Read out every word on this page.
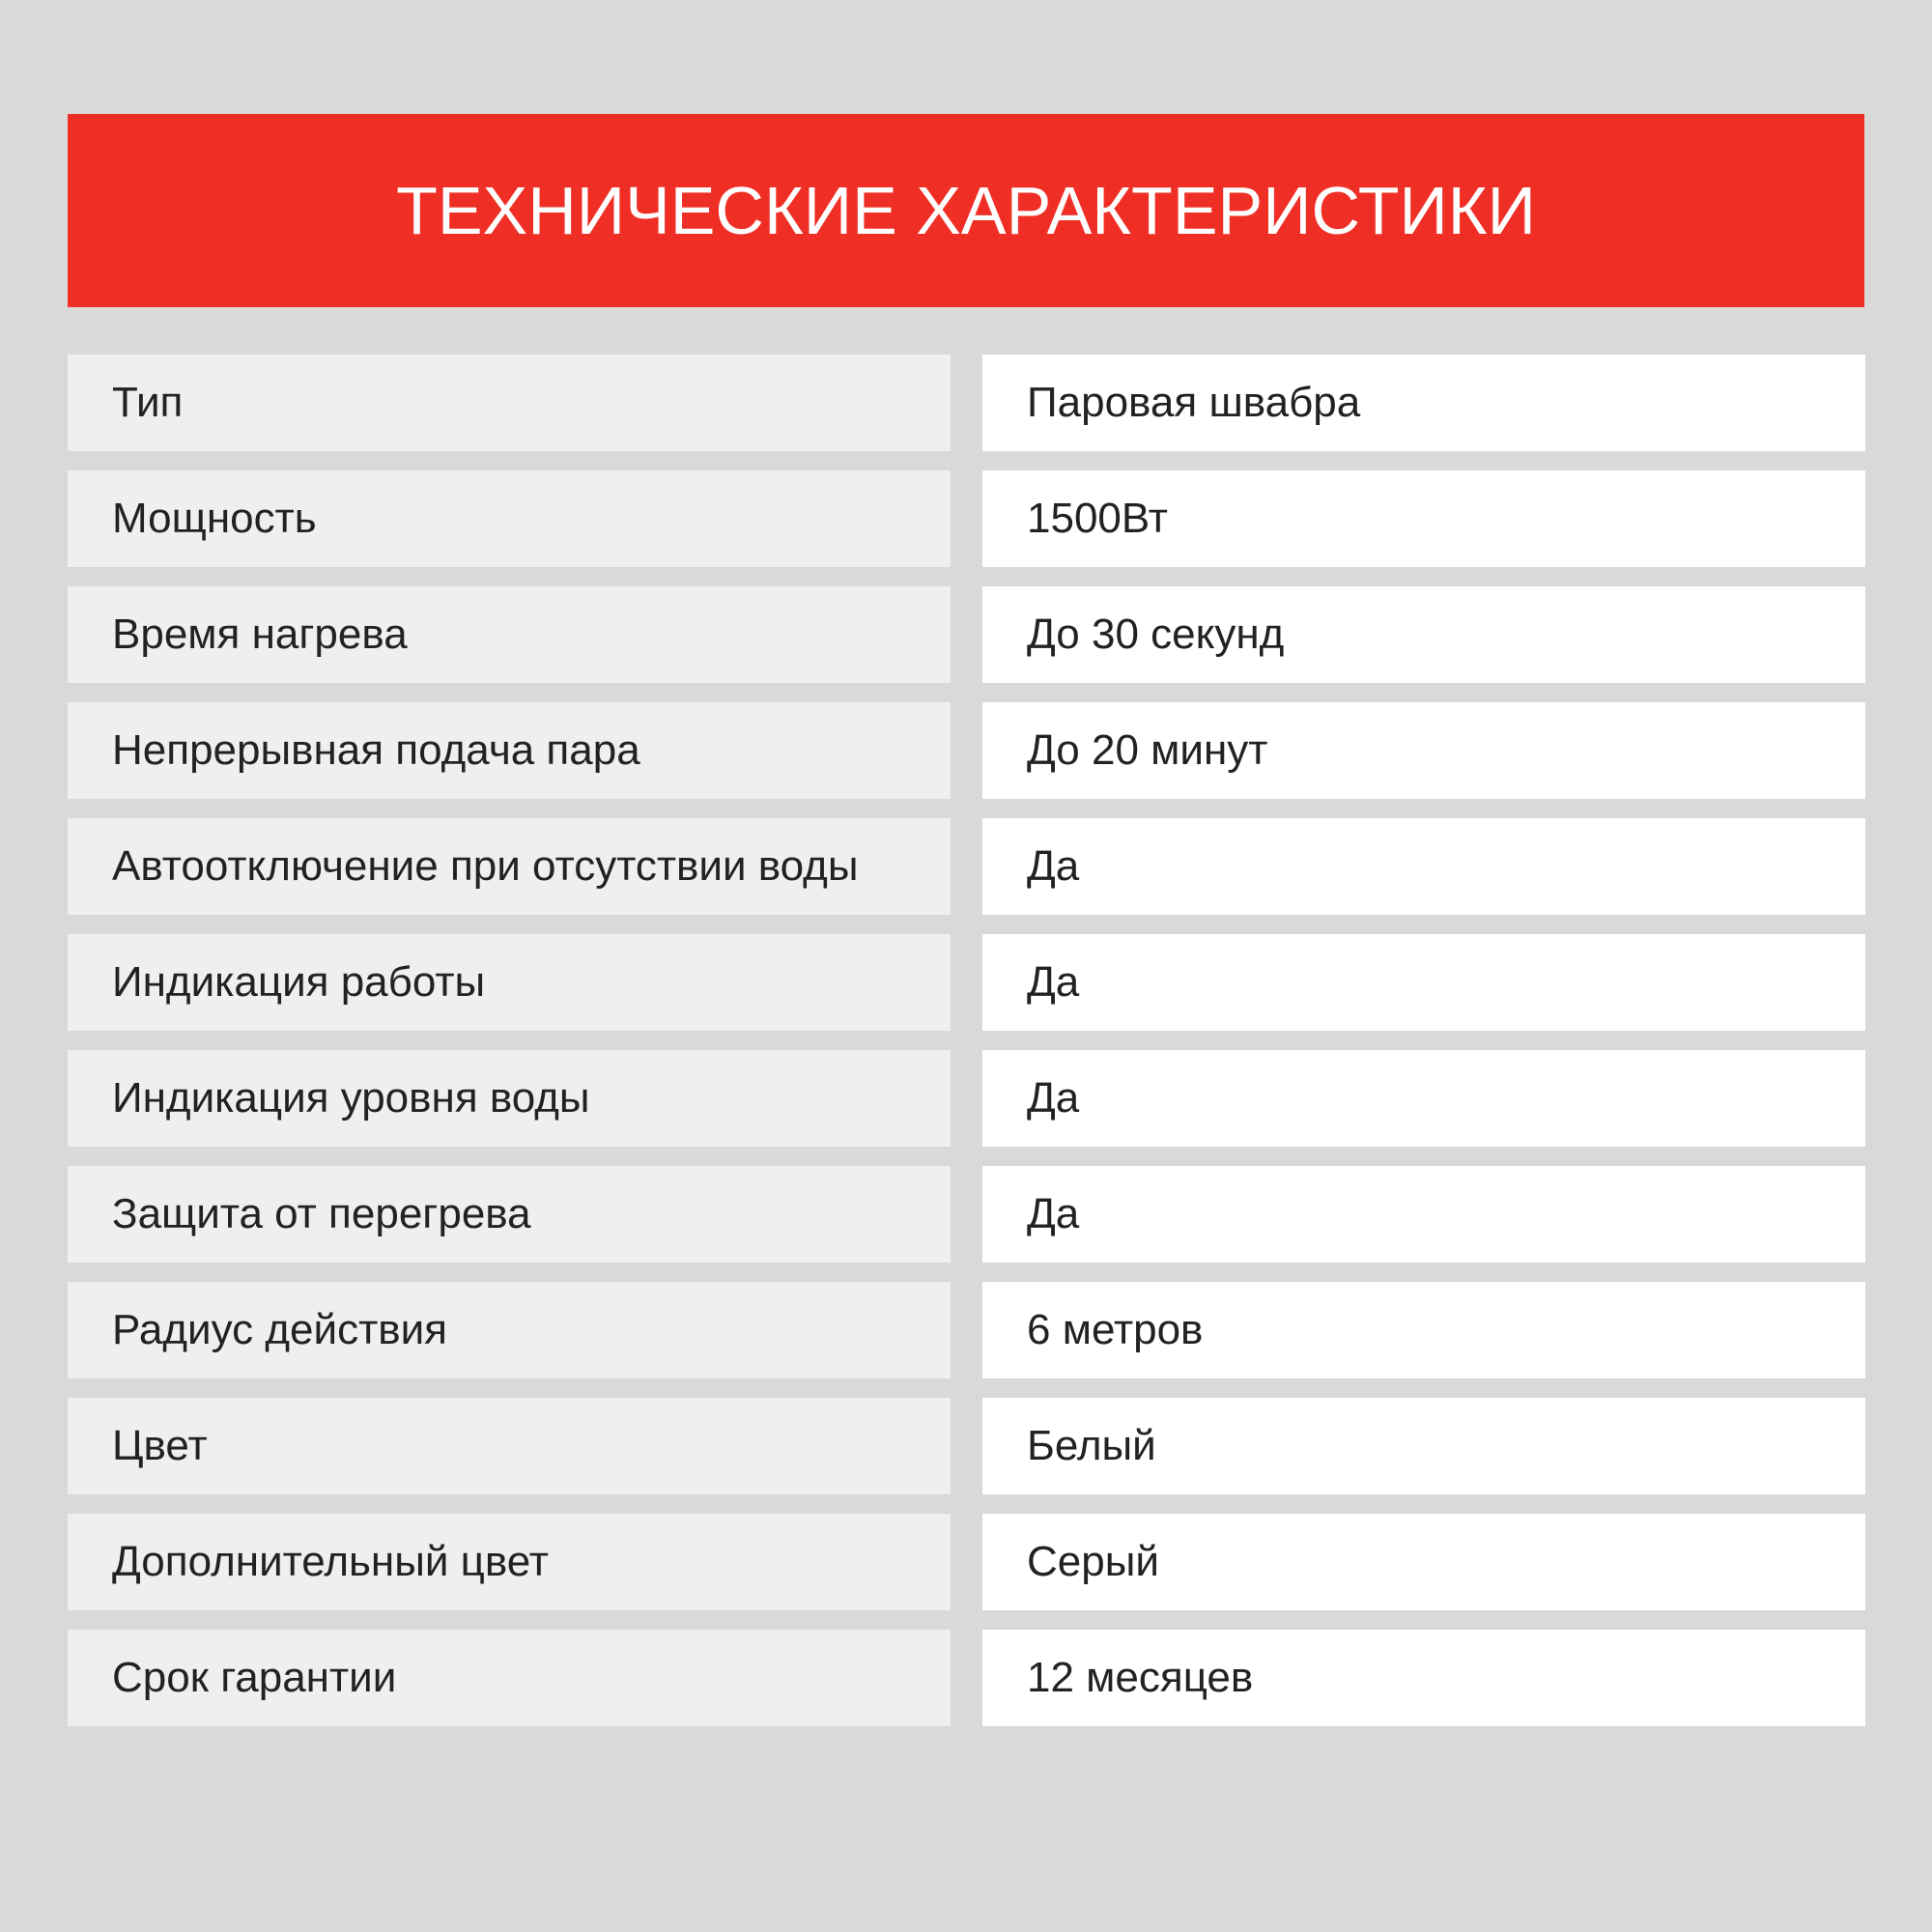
ТЕХНИЧЕСКИЕ ХАРАКТЕРИСТИКИ
Тип	Паровая швабра
Мощность	1500Вт
Время нагрева	До 30 секунд
Непрерывная подача пара	До 20 минут
Автоотключение при отсутствии воды	Да
Индикация работы	Да
Индикация уровня воды	Да
Защита от перегрева	Да
Радиус действия	6 метров
Цвет	Белый
Дополнительный цвет	Серый
Срок гарантии	12 месяцев
